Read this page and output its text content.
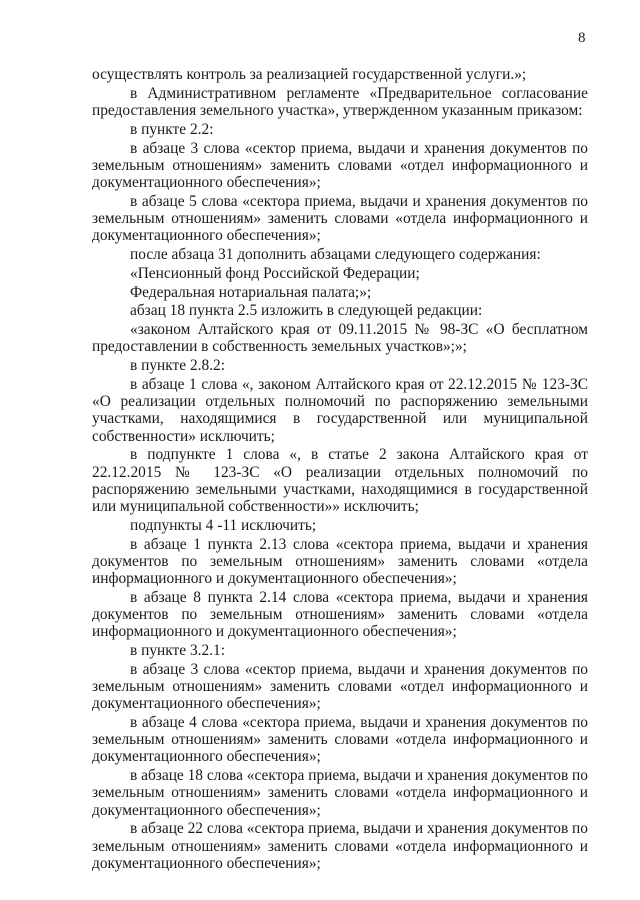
8

осуществлять контроль за реализацией государственной услуги.»;

в Административном регламенте «Предварительное согласование предоставления земельного участка», утвержденном указанным приказом:

в пункте 2.2:

в абзаце 3 слова «сектор приема, выдачи и хранения документов по земельным отношениям» заменить словами «отдел информационного и документационного обеспечения»;

в абзаце 5 слова «сектора приема, выдачи и хранения документов по земельным отношениям» заменить словами «отдела информационного и документационного обеспечения»;

после абзаца 31 дополнить абзацами следующего содержания:

«Пенсионный фонд Российской Федерации;

Федеральная нотариальная палата;»;

абзац 18 пункта 2.5 изложить в следующей редакции:

«законом Алтайского края от 09.11.2015 № 98-ЗС «О бесплатном предоставлении в собственность земельных участков»;»;

в пункте 2.8.2:

в абзаце 1 слова «, законом Алтайского края от 22.12.2015 № 123-ЗС «О реализации отдельных полномочий по распоряжению земельными участками, находящимися в государственной или муниципальной собственности» исключить;

в подпункте 1 слова «, в статье 2 закона Алтайского края от 22.12.2015 № 123-ЗС «О реализации отдельных полномочий по распоряжению земельными участками, находящимися в государственной или муниципальной собственности»» исключить;

подпункты 4 -11 исключить;

в абзаце 1 пункта 2.13 слова «сектора приема, выдачи и хранения документов по земельным отношениям» заменить словами «отдела информационного и документационного обеспечения»;

в абзаце 8 пункта 2.14 слова «сектора приема, выдачи и хранения документов по земельным отношениям» заменить словами «отдела информационного и документационного обеспечения»;

в пункте 3.2.1:

в абзаце 3 слова «сектор приема, выдачи и хранения документов по земельным отношениям» заменить словами «отдел информационного и документационного обеспечения»;

в абзаце 4 слова «сектора приема, выдачи и хранения документов по земельным отношениям» заменить словами «отдела информационного и документационного обеспечения»;

в абзаце 18 слова «сектора приема, выдачи и хранения документов по земельным отношениям» заменить словами «отдела информационного и документационного обеспечения»;

в абзаце 22 слова «сектора приема, выдачи и хранения документов по земельным отношениям» заменить словами «отдела информационного и документационного обеспечения»;
